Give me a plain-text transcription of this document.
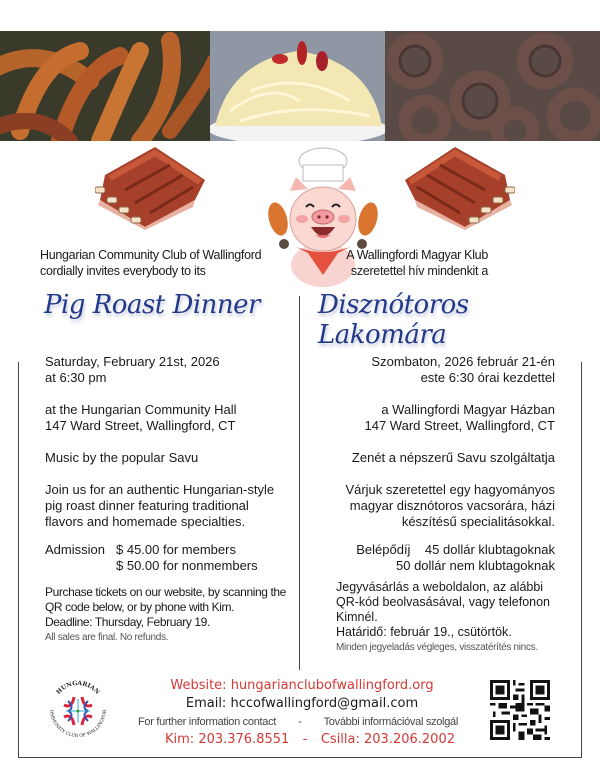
Hungarian Community Club of Wallingford
cordially invites everybody to its
A Wallingfordi Magyar Klub
szeretettel hív mindenkit a
Pig Roast Dinner Disznótoros Lakomára
Saturday, February 21st, 2026
at 6:30 pm
at the Hungarian Community Hall
147 Ward Street, Wallingford, CT
Music by the popular Savu
Join us for an authentic Hungarian-style
pig roast dinner featuring traditional
flavors and homemade specialties.
Admission $ 45.00 for members
$ 50.00 for nonmembers
Purchase tickets on our website, by scanning the
QR code below, or by phone with Kim.
Deadline: Thursday, February 19.
All sales are final. No refunds.
Szombaton, 2026 február 21-én
este 6:30 órai kezdettel
a Wallingfordi Magyar Házban
147 Ward Street, Wallingford, CT
Zenét a népszerű Savu szolgáltatja
Várjuk szeretettel egy hagyományos
magyar disznótoros vacsorára, házi
készítésű specialitásokkal.
Belépődíj 45 dollár klubtagoknak
50 dollár nem klubtagoknak
Jegyvásárlás a weboldalon, az alábbi
QR-kód beolvasásával, vagy telefonon
Kimnél.
Határidő: február 19., csütörtök.
Minden jegyeladás végleges, visszatérítés nincs.
HUNGARIAN
OMMUNITY CLUB OF WALLINGFOR
Website: hungarianclubofwallingford.org
Email: hccofwallingford@gmail.com
For further information contact - További információval szolgál
Kim: 203.376.8551 - Csilla: 203.206.2002
